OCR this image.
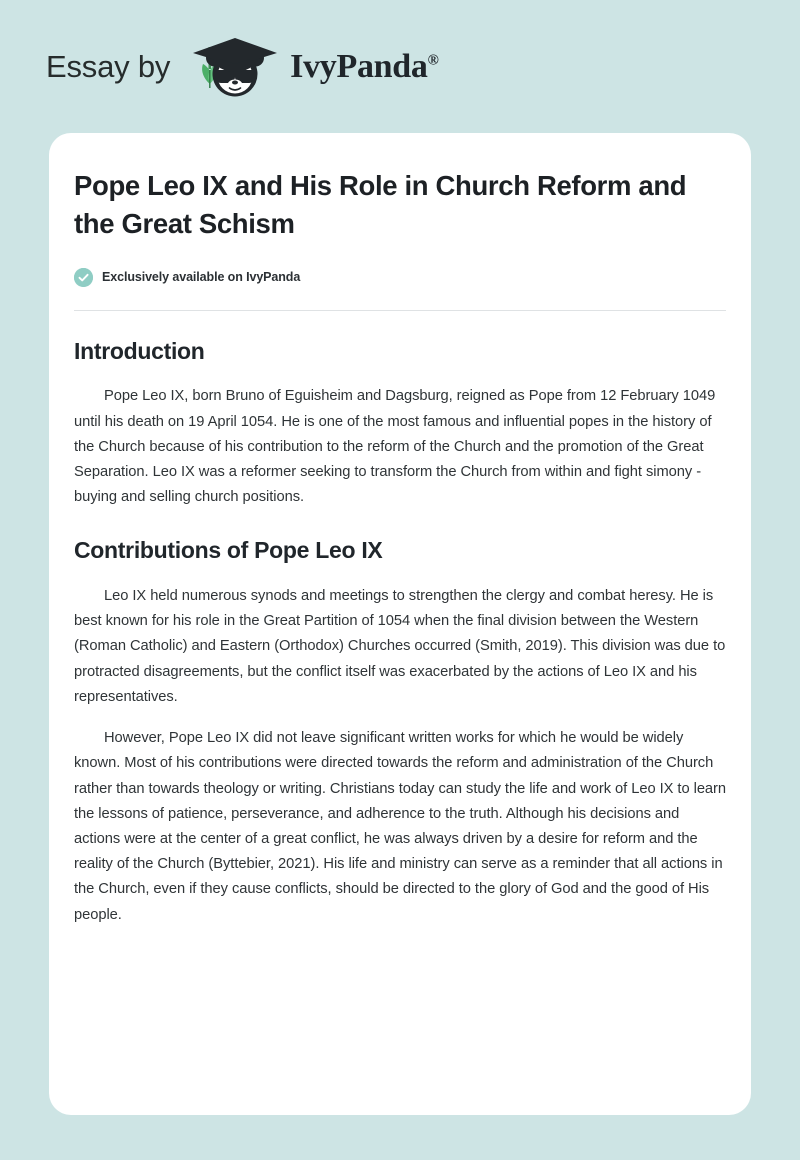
Essay by	IvyPanda®
Pope Leo IX and His Role in Church Reform and the Great Schism
Exclusively available on IvyPanda
Introduction

Pope Leo IX, born Bruno of Eguisheim and Dagsburg, reigned as Pope from 12 February 1049 until his death on 19 April 1054. He is one of the most famous and influential popes in the history of the Church because of his contribution to the reform of the Church and the promotion of the Great Separation. Leo IX was a reformer seeking to transform the Church from within and fight simony - buying and selling church positions.

Contributions of Pope Leo IX

Leo IX held numerous synods and meetings to strengthen the clergy and combat heresy. He is best known for his role in the Great Partition of 1054 when the final division between the Western (Roman Catholic) and Eastern (Orthodox) Churches occurred (Smith, 2019). This division was due to protracted disagreements, but the conflict itself was exacerbated by the actions of Leo IX and his representatives.

However, Pope Leo IX did not leave significant written works for which he would be widely known. Most of his contributions were directed towards the reform and administration of the Church rather than towards theology or writing. Christians today can study the life and work of Leo IX to learn the lessons of patience, perseverance, and adherence to the truth. Although his decisions and actions were at the center of a great conflict, he was always driven by a desire for reform and the reality of the Church (Byttebier, 2021). His life and ministry can serve as a reminder that all actions in the Church, even if they cause conflicts, should be directed to the glory of God and the good of His people.
